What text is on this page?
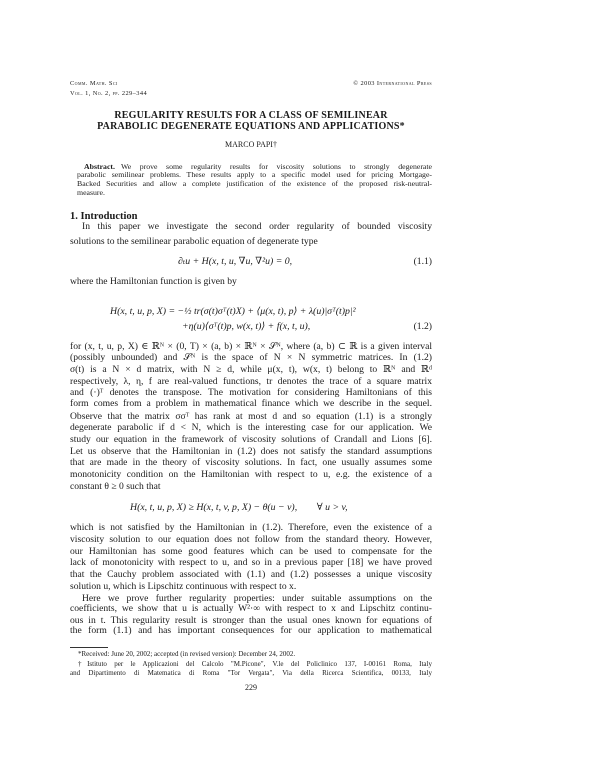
Comm. Math. Sci
Vol. 1, No. 2, pp. 229–344
© 2003 International Press
REGULARITY RESULTS FOR A CLASS OF SEMILINEAR
PARABOLIC DEGENERATE EQUATIONS AND APPLICATIONS*
MARCO PAPI†
Abstract. We prove some regularity results for viscosity solutions to strongly degenerate
parabolic semilinear problems. These results apply to a specific model used for pricing Mortgage-
Backed Securities and allow a complete justification of the existence of the proposed risk-neutral-
measure.
1. Introduction
In this paper we investigate the second order regularity of bounded viscosity
solutions to the semilinear parabolic equation of degenerate type
where the Hamiltonian function is given by
for (x, t, u, p, X) ∈ ℝᴺ × (0, T) × (a, b) × ℝᴺ × 𝒮ᴺ, where (a, b) ⊂ ℝ is a given interval
(possibly unbounded) and 𝒮ᴺ is the space of N × N symmetric matrices. In (1.2)
σ(t) is a N × d matrix, with N ≥ d, while μ(x, t), w(x, t) belong to ℝᴺ and ℝᵈ
respectively, λ, η, f are real-valued functions, tr denotes the trace of a square matrix
and (·)ᵀ denotes the transpose. The motivation for considering Hamiltonians of this
form comes from a problem in mathematical finance which we describe in the sequel.
Observe that the matrix σσᵀ has rank at most d and so equation (1.1) is a strongly
degenerate parabolic if d < N, which is the interesting case for our application. We
study our equation in the framework of viscosity solutions of Crandall and Lions [6].
Let us observe that the Hamiltonian in (1.2) does not satisfy the standard assumptions
that are made in the theory of viscosity solutions. In fact, one usually assumes some
monotonicity condition on the Hamiltonian with respect to u, e.g. the existence of a
constant θ ≥ 0 such that
which is not satisfied by the Hamiltonian in (1.2). Therefore, even the existence of a
viscosity solution to our equation does not follow from the standard theory. However,
our Hamiltonian has some good features which can be used to compensate for the
lack of monotonicity with respect to u, and so in a previous paper [18] we have proved
that the Cauchy problem associated with (1.1) and (1.2) possesses a unique viscosity
solution u, which is Lipschitz continuous with respect to x.
Here we prove further regularity properties: under suitable assumptions on the
coefficients, we show that u is actually W²·∞ with respect to x and Lipschitz continu-
ous in t. This regularity result is stronger than the usual ones known for equations of
the form (1.1) and has important consequences for our application to mathematical
∂ₜu + H(x, t, u, ∇u, ∇²u) = 0,	(1.1)
H(x, t, u, p, X) = −½ tr(σ(t)σᵀ(t)X) + ⟨μ(x, t), p⟩ + λ(u)|σᵀ(t)p|²
+η(u)⟨σᵀ(t)p, w(x, t)⟩ + f(x, t, u),	(1.2)
H(x, t, u, p, X) ≥ H(x, t, v, p, X) − θ(u − v),        ∀ u > v,
*Received: June 20, 2002; accepted (in revised version): December 24, 2002.
†Istituto per le Applicazioni del Calcolo "M.Picone", V.le del Policlinico 137, I-00161 Roma, Italy
and Dipartimento di Matematica di Roma "Tor Vergata", Via della Ricerca Scientifica, 00133, Italy
229
